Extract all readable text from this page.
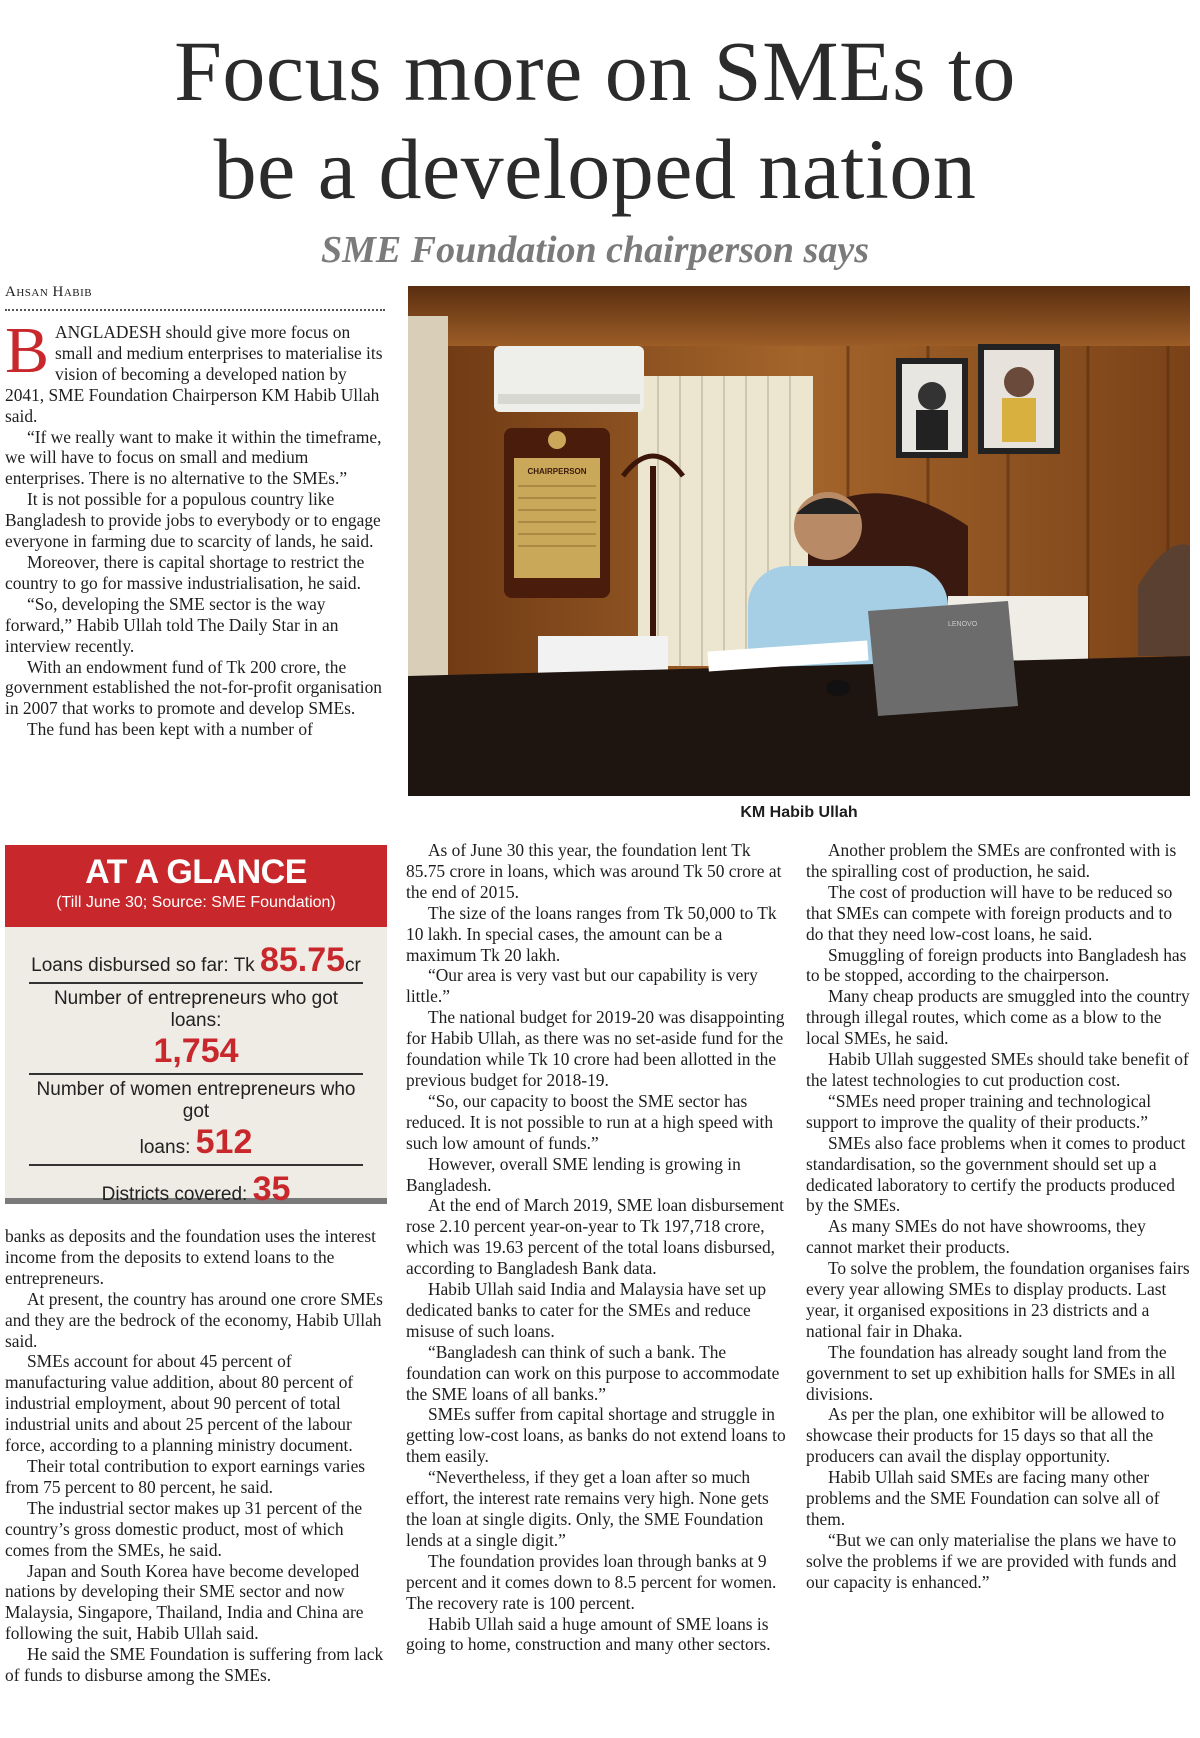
Focus more on SMEs to
be a developed nation
SME Foundation chairperson says
Ahsan Habib

BANGLADESH should give more focus on small and medium enterprises to materialise its vision of becoming a developed nation by 2041, SME Foundation Chairperson KM Habib Ullah said.

“If we really want to make it within the timeframe, we will have to focus on small and medium enterprises. There is no alternative to the SMEs.”

It is not possible for a populous country like Bangladesh to provide jobs to everybody or to engage everyone in farming due to scarcity of lands, he said.

Moreover, there is capital shortage to restrict the country to go for massive industrialisation, he said.

“So, developing the SME sector is the way forward,” Habib Ullah told The Daily Star in an interview recently.

With an endowment fund of Tk 200 crore, the government established the not-for-profit organisation in 2007 that works to promote and develop SMEs.

The fund has been kept with a number of

CHAIRPERSON
LENOVO
KM Habib Ullah
AT A GLANCE
(Till June 30; Source: SME Foundation)
Loans disbursed so far: Tk 85.75cr
Number of entrepreneurs who got loans:
1,754
Number of women entrepreneurs who got
loans: 512
Districts covered: 35

banks as deposits and the foundation uses the interest income from the deposits to extend loans to the entrepreneurs.

At present, the country has around one crore SMEs and they are the bedrock of the economy, Habib Ullah said.

SMEs account for about 45 percent of manufacturing value addition, about 80 percent of industrial employment, about 90 percent of total industrial units and about 25 percent of the labour force, according to a planning ministry document.

Their total contribution to export earnings varies from 75 percent to 80 percent, he said.

The industrial sector makes up 31 percent of the country’s gross domestic product, most of which comes from the SMEs, he said.

Japan and South Korea have become developed nations by developing their SME sector and now Malaysia, Singapore, Thailand, India and China are following the suit, Habib Ullah said.

He said the SME Foundation is suffering from lack of funds to disburse among the SMEs.

As of June 30 this year, the foundation lent Tk 85.75 crore in loans, which was around Tk 50 crore at the end of 2015.

The size of the loans ranges from Tk 50,000 to Tk 10 lakh. In special cases, the amount can be a maximum Tk 20 lakh.

“Our area is very vast but our capability is very little.”

The national budget for 2019-20 was disappointing for Habib Ullah, as there was no set-aside fund for the foundation while Tk 10 crore had been allotted in the previous budget for 2018-19.

“So, our capacity to boost the SME sector has reduced. It is not possible to run at a high speed with such low amount of funds.”

However, overall SME lending is growing in Bangladesh.

At the end of March 2019, SME loan disbursement rose 2.10 percent year-on-year to Tk 197,718 crore, which was 19.63 percent of the total loans disbursed, according to Bangladesh Bank data.

Habib Ullah said India and Malaysia have set up dedicated banks to cater for the SMEs and reduce misuse of such loans.

“Bangladesh can think of such a bank. The foundation can work on this purpose to accommodate the SME loans of all banks.”

SMEs suffer from capital shortage and struggle in getting low-cost loans, as banks do not extend loans to them easily.

“Nevertheless, if they get a loan after so much effort, the interest rate remains very high. None gets the loan at single digits. Only, the SME Foundation lends at a single digit.”

The foundation provides loan through banks at 9 percent and it comes down to 8.5 percent for women. The recovery rate is 100 percent.

Habib Ullah said a huge amount of SME loans is going to home, construction and many other sectors.

Another problem the SMEs are confronted with is the spiralling cost of production, he said.

The cost of production will have to be reduced so that SMEs can compete with foreign products and to do that they need low-cost loans, he said.

Smuggling of foreign products into Bangladesh has to be stopped, according to the chairperson.

Many cheap products are smuggled into the country through illegal routes, which come as a blow to the local SMEs, he said.

Habib Ullah suggested SMEs should take benefit of the latest technologies to cut production cost.

“SMEs need proper training and technological support to improve the quality of their products.”

SMEs also face problems when it comes to product standardisation, so the government should set up a dedicated laboratory to certify the products produced by the SMEs.

As many SMEs do not have showrooms, they cannot market their products.

To solve the problem, the foundation organises fairs every year allowing SMEs to display products. Last year, it organised expositions in 23 districts and a national fair in Dhaka.

The foundation has already sought land from the government to set up exhibition halls for SMEs in all divisions.

As per the plan, one exhibitor will be allowed to showcase their products for 15 days so that all the producers can avail the display opportunity.

Habib Ullah said SMEs are facing many other problems and the SME Foundation can solve all of them.

“But we can only materialise the plans we have to solve the problems if we are provided with funds and our capacity is enhanced.”
